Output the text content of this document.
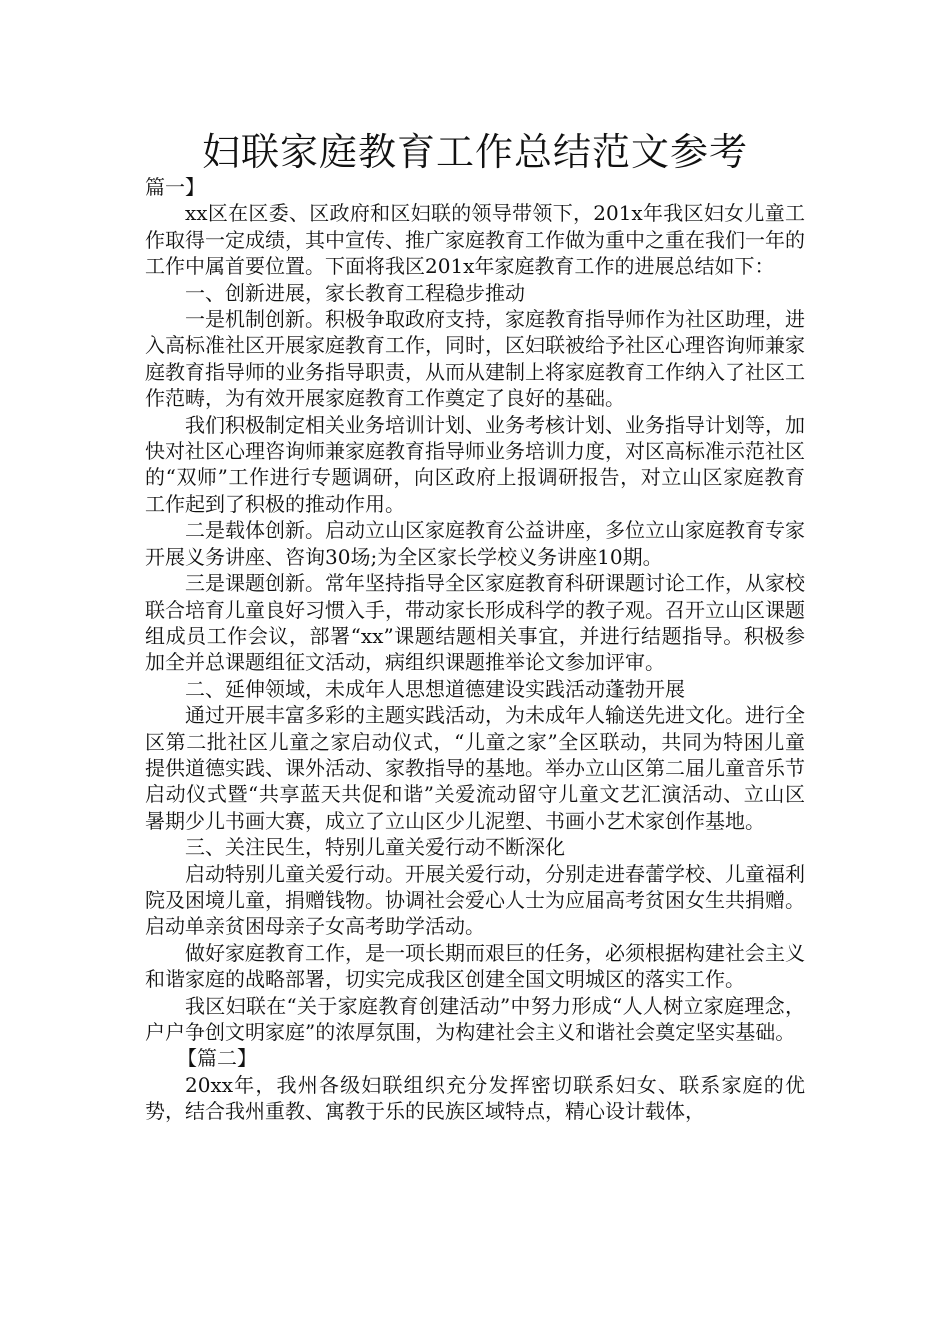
妇联家庭教育工作总结范文参考

篇一】

xx区在区委、区政府和区妇联的领导带领下，201x年我区妇女儿童工作取得一定成绩，其中宣传、推广家庭教育工作做为重中之重在我们一年的工作中属首要位置。下面将我区201x年家庭教育工作的进展总结如下：

一、创新进展，家长教育工程稳步推动

一是机制创新。积极争取政府支持，家庭教育指导师作为社区助理，进入高标准社区开展家庭教育工作，同时，区妇联被给予社区心理咨询师兼家庭教育指导师的业务指导职责，从而从建制上将家庭教育工作纳入了社区工作范畴，为有效开展家庭教育工作奠定了良好的基础。

我们积极制定相关业务培训计划、业务考核计划、业务指导计划等，加快对社区心理咨询师兼家庭教育指导师业务培训力度，对区高标准示范社区的“双师”工作进行专题调研，向区政府上报调研报告，对立山区家庭教育工作起到了积极的推动作用。

二是载体创新。启动立山区家庭教育公益讲座，多位立山家庭教育专家开展义务讲座、咨询30场;为全区家长学校义务讲座10期。

三是课题创新。常年坚持指导全区家庭教育科研课题讨论工作，从家校联合培育儿童良好习惯入手，带动家长形成科学的教子观。召开立山区课题组成员工作会议，部署“xx”课题结题相关事宜，并进行结题指导。积极参加全并总课题组征文活动，病组织课题推举论文参加评审。

二、延伸领域，未成年人思想道德建设实践活动蓬勃开展

通过开展丰富多彩的主题实践活动，为未成年人输送先进文化。进行全区第二批社区儿童之家启动仪式，“儿童之家”全区联动，共同为特困儿童提供道德实践、课外活动、家教指导的基地。举办立山区第二届儿童音乐节启动仪式暨“共享蓝天共促和谐”关爱流动留守儿童文艺汇演活动、立山区暑期少儿书画大赛，成立了立山区少儿泥塑、书画小艺术家创作基地。

三、关注民生，特别儿童关爱行动不断深化

启动特别儿童关爱行动。开展关爱行动，分别走进春蕾学校、儿童福利院及困境儿童，捐赠钱物。协调社会爱心人士为应届高考贫困女生共捐赠。启动单亲贫困母亲子女高考助学活动。

做好家庭教育工作，是一项长期而艰巨的任务，必须根据构建社会主义和谐家庭的战略部署，切实完成我区创建全国文明城区的落实工作。

我区妇联在“关于家庭教育创建活动”中努力形成“人人树立家庭理念，户户争创文明家庭”的浓厚氛围，为构建社会主义和谐社会奠定坚实基础。

【篇二】

20xx年，我州各级妇联组织充分发挥密切联系妇女、联系家庭的优势，结合我州重教、寓教于乐的民族区域特点，精心设计载体，
